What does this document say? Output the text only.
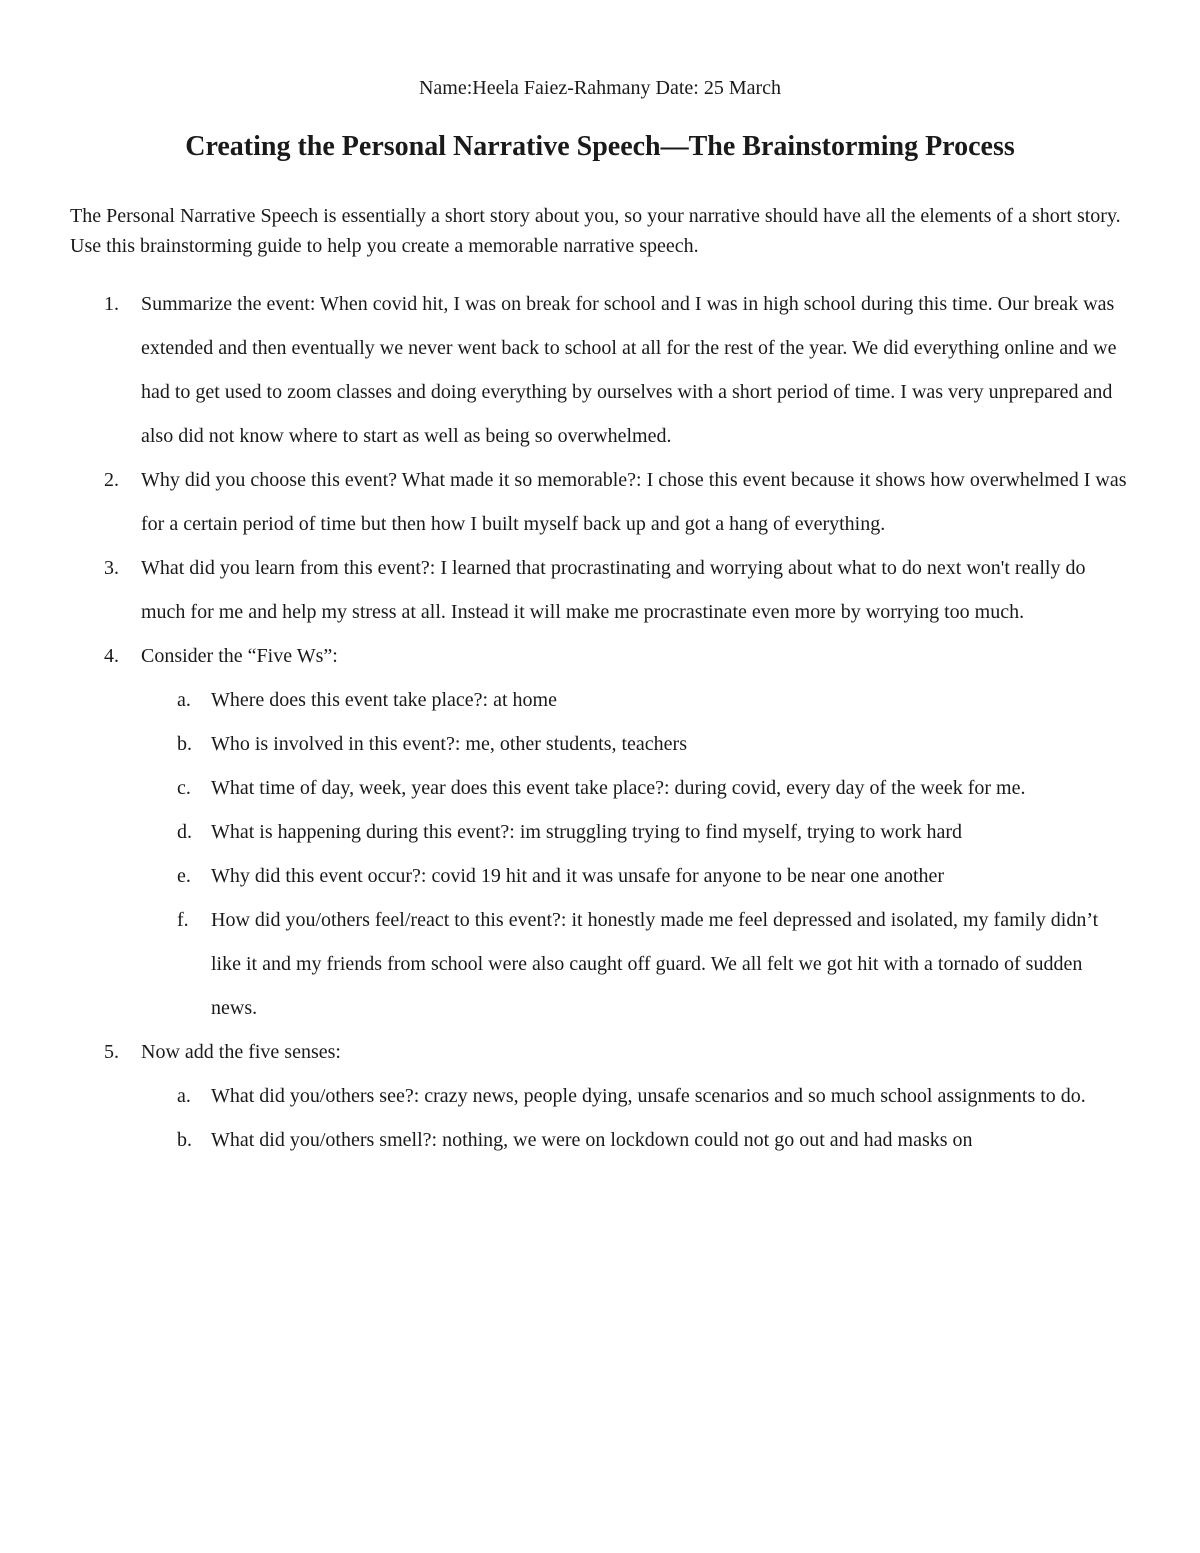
Name:Heela Faiez-Rahmany Date: 25 March
Creating the Personal Narrative Speech—The Brainstorming Process

The Personal Narrative Speech is essentially a short story about you, so your narrative should have all the elements of a short story. Use this brainstorming guide to help you create a memorable narrative speech.

1. Summarize the event: When covid hit, I was on break for school and I was in high school during this time. Our break was extended and then eventually we never went back to school at all for the rest of the year. We did everything online and we had to get used to zoom classes and doing everything by ourselves with a short period of time. I was very unprepared and also did not know where to start as well as being so overwhelmed.
2. Why did you choose this event? What made it so memorable?: I chose this event because it shows how overwhelmed I was for a certain period of time but then how I built myself back up and got a hang of everything.
3. What did you learn from this event?: I learned that procrastinating and worrying about what to do next won't really do much for me and help my stress at all. Instead it will make me procrastinate even more by worrying too much.
4. Consider the “Five Ws”:
a. Where does this event take place?: at home
b. Who is involved in this event?: me, other students, teachers
c. What time of day, week, year does this event take place?: during covid, every day of the week for me.
d. What is happening during this event?: im struggling trying to find myself, trying to work hard
e. Why did this event occur?: covid 19 hit and it was unsafe for anyone to be near one another
f. How did you/others feel/react to this event?: it honestly made me feel depressed and isolated, my family didn’t like it and my friends from school were also caught off guard. We all felt we got hit with a tornado of sudden news.
5. Now add the five senses:
a. What did you/others see?: crazy news, people dying, unsafe scenarios and so much school assignments to do.
b. What did you/others smell?: nothing, we were on lockdown could not go out and had masks on
